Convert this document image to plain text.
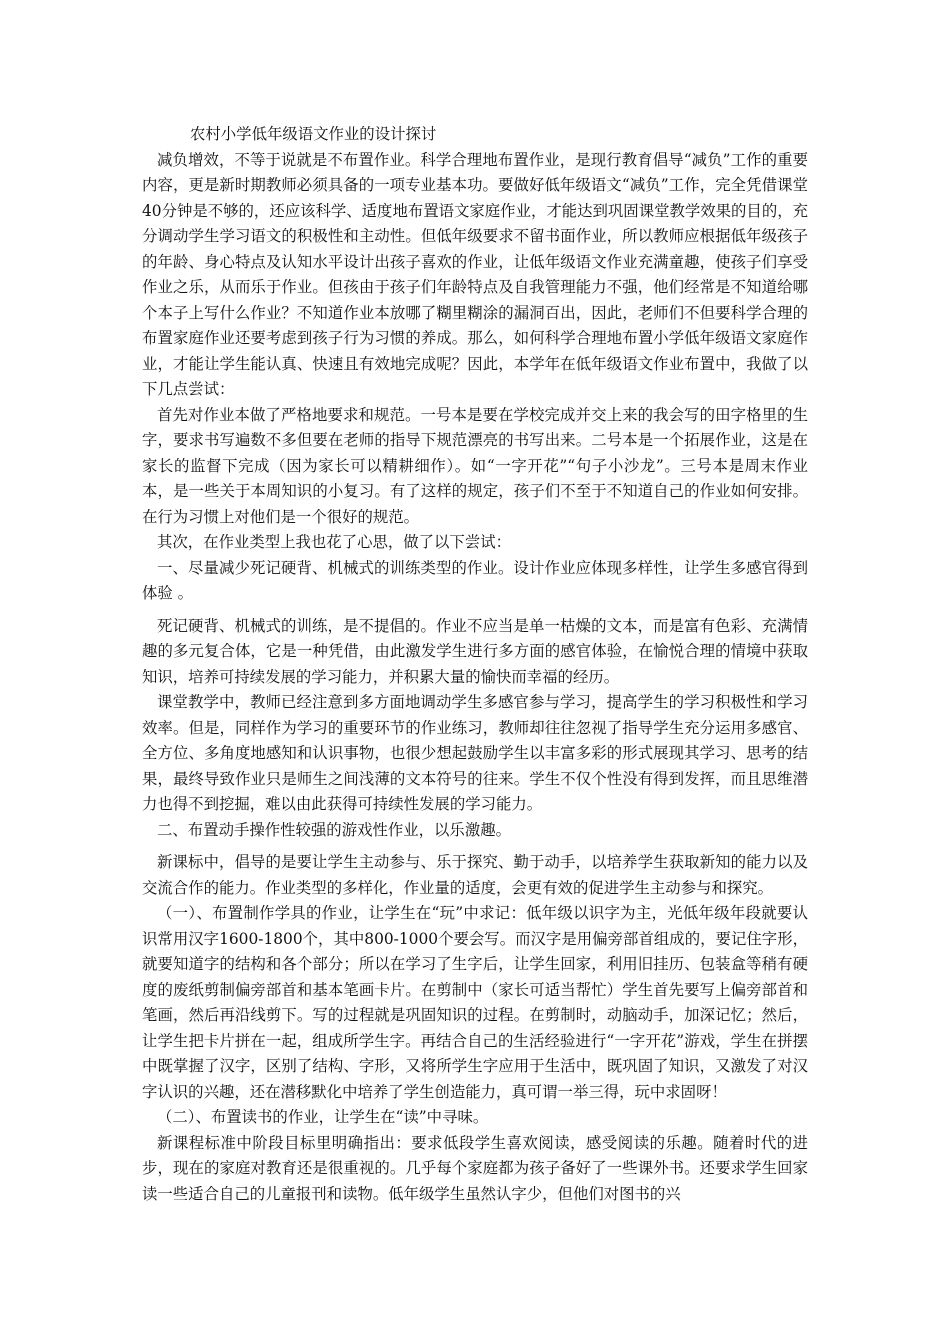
农村小学低年级语文作业的设计探讨

减负增效，不等于说就是不布置作业。科学合理地布置作业，是现行教育倡导“减负”工作的重要内容，更是新时期教师必须具备的一项专业基本功。要做好低年级语文“减负”工作，完全凭借课堂40分钟是不够的，还应该科学、适度地布置语文家庭作业，才能达到巩固课堂教学效果的目的，充分调动学生学习语文的积极性和主动性。但低年级要求不留书面作业，所以教师应根据低年级孩子的年龄、身心特点及认知水平设计出孩子喜欢的作业，让低年级语文作业充满童趣，使孩子们享受作业之乐，从而乐于作业。但孩由于孩子们年龄特点及自我管理能力不强，他们经常是不知道给哪个本子上写什么作业？不知道作业本放哪了糊里糊涂的漏洞百出，因此，老师们不但要科学合理的布置家庭作业还要考虑到孩子行为习惯的养成。那么，如何科学合理地布置小学低年级语文家庭作业，才能让学生能认真、快速且有效地完成呢？因此，本学年在低年级语文作业布置中，我做了以下几点尝试：

首先对作业本做了严格地要求和规范。一号本是要在学校完成并交上来的我会写的田字格里的生字，要求书写遍数不多但要在老师的指导下规范漂亮的书写出来。二号本是一个拓展作业，这是在家长的监督下完成（因为家长可以精耕细作）。如“一字开花”“句子小沙龙”。三号本是周末作业本，是一些关于本周知识的小复习。有了这样的规定，孩子们不至于不知道自己的作业如何安排。在行为习惯上对他们是一个很好的规范。

其次，在作业类型上我也花了心思，做了以下尝试：

一、尽量减少死记硬背、机械式的训练类型的作业。设计作业应体现多样性，让学生多感官得到体验 。

死记硬背、机械式的训练，是不提倡的。作业不应当是单一枯燥的文本，而是富有色彩、充满情趣的多元复合体，它是一种凭借，由此激发学生进行多方面的感官体验，在愉悦合理的情境中获取知识，培养可持续发展的学习能力，并积累大量的愉快而幸福的经历。

课堂教学中，教师已经注意到多方面地调动学生多感官参与学习，提高学生的学习积极性和学习效率。但是，同样作为学习的重要环节的作业练习，教师却往往忽视了指导学生充分运用多感官、全方位、多角度地感知和认识事物，也很少想起鼓励学生以丰富多彩的形式展现其学习、思考的结果，最终导致作业只是师生之间浅薄的文本符号的往来。学生不仅个性没有得到发挥，而且思维潜力也得不到挖掘，难以由此获得可持续性发展的学习能力。

二、布置动手操作性较强的游戏性作业，以乐激趣。

新课标中，倡导的是要让学生主动参与、乐于探究、勤于动手，以培养学生获取新知的能力以及交流合作的能力。作业类型的多样化，作业量的适度，会更有效的促进学生主动参与和探究。

（一）、布置制作学具的作业，让学生在“玩”中求记：低年级以识字为主，光低年级年段就要认识常用汉字1600-1800个，其中800-1000个要会写。而汉字是用偏旁部首组成的，要记住字形，就要知道字的结构和各个部分；所以在学习了生字后，让学生回家，利用旧挂历、包装盒等稍有硬度的废纸剪制偏旁部首和基本笔画卡片。在剪制中（家长可适当帮忙）学生首先要写上偏旁部首和笔画，然后再沿线剪下。写的过程就是巩固知识的过程。在剪制时，动脑动手，加深记忆；然后，让学生把卡片拼在一起，组成所学生字。再结合自己的生活经验进行“一字开花”游戏，学生在拼摆中既掌握了汉字，区别了结构、字形，又将所学生字应用于生活中，既巩固了知识，又激发了对汉字认识的兴趣，还在潜移默化中培养了学生创造能力，真可谓一举三得，玩中求固呀！

（二）、布置读书的作业，让学生在“读”中寻味。

新课程标准中阶段目标里明确指出：要求低段学生喜欢阅读，感受阅读的乐趣。随着时代的进步，现在的家庭对教育还是很重视的。几乎每个家庭都为孩子备好了一些课外书。还要求学生回家读一些适合自己的儿童报刊和读物。低年级学生虽然认字少，但他们对图书的兴
